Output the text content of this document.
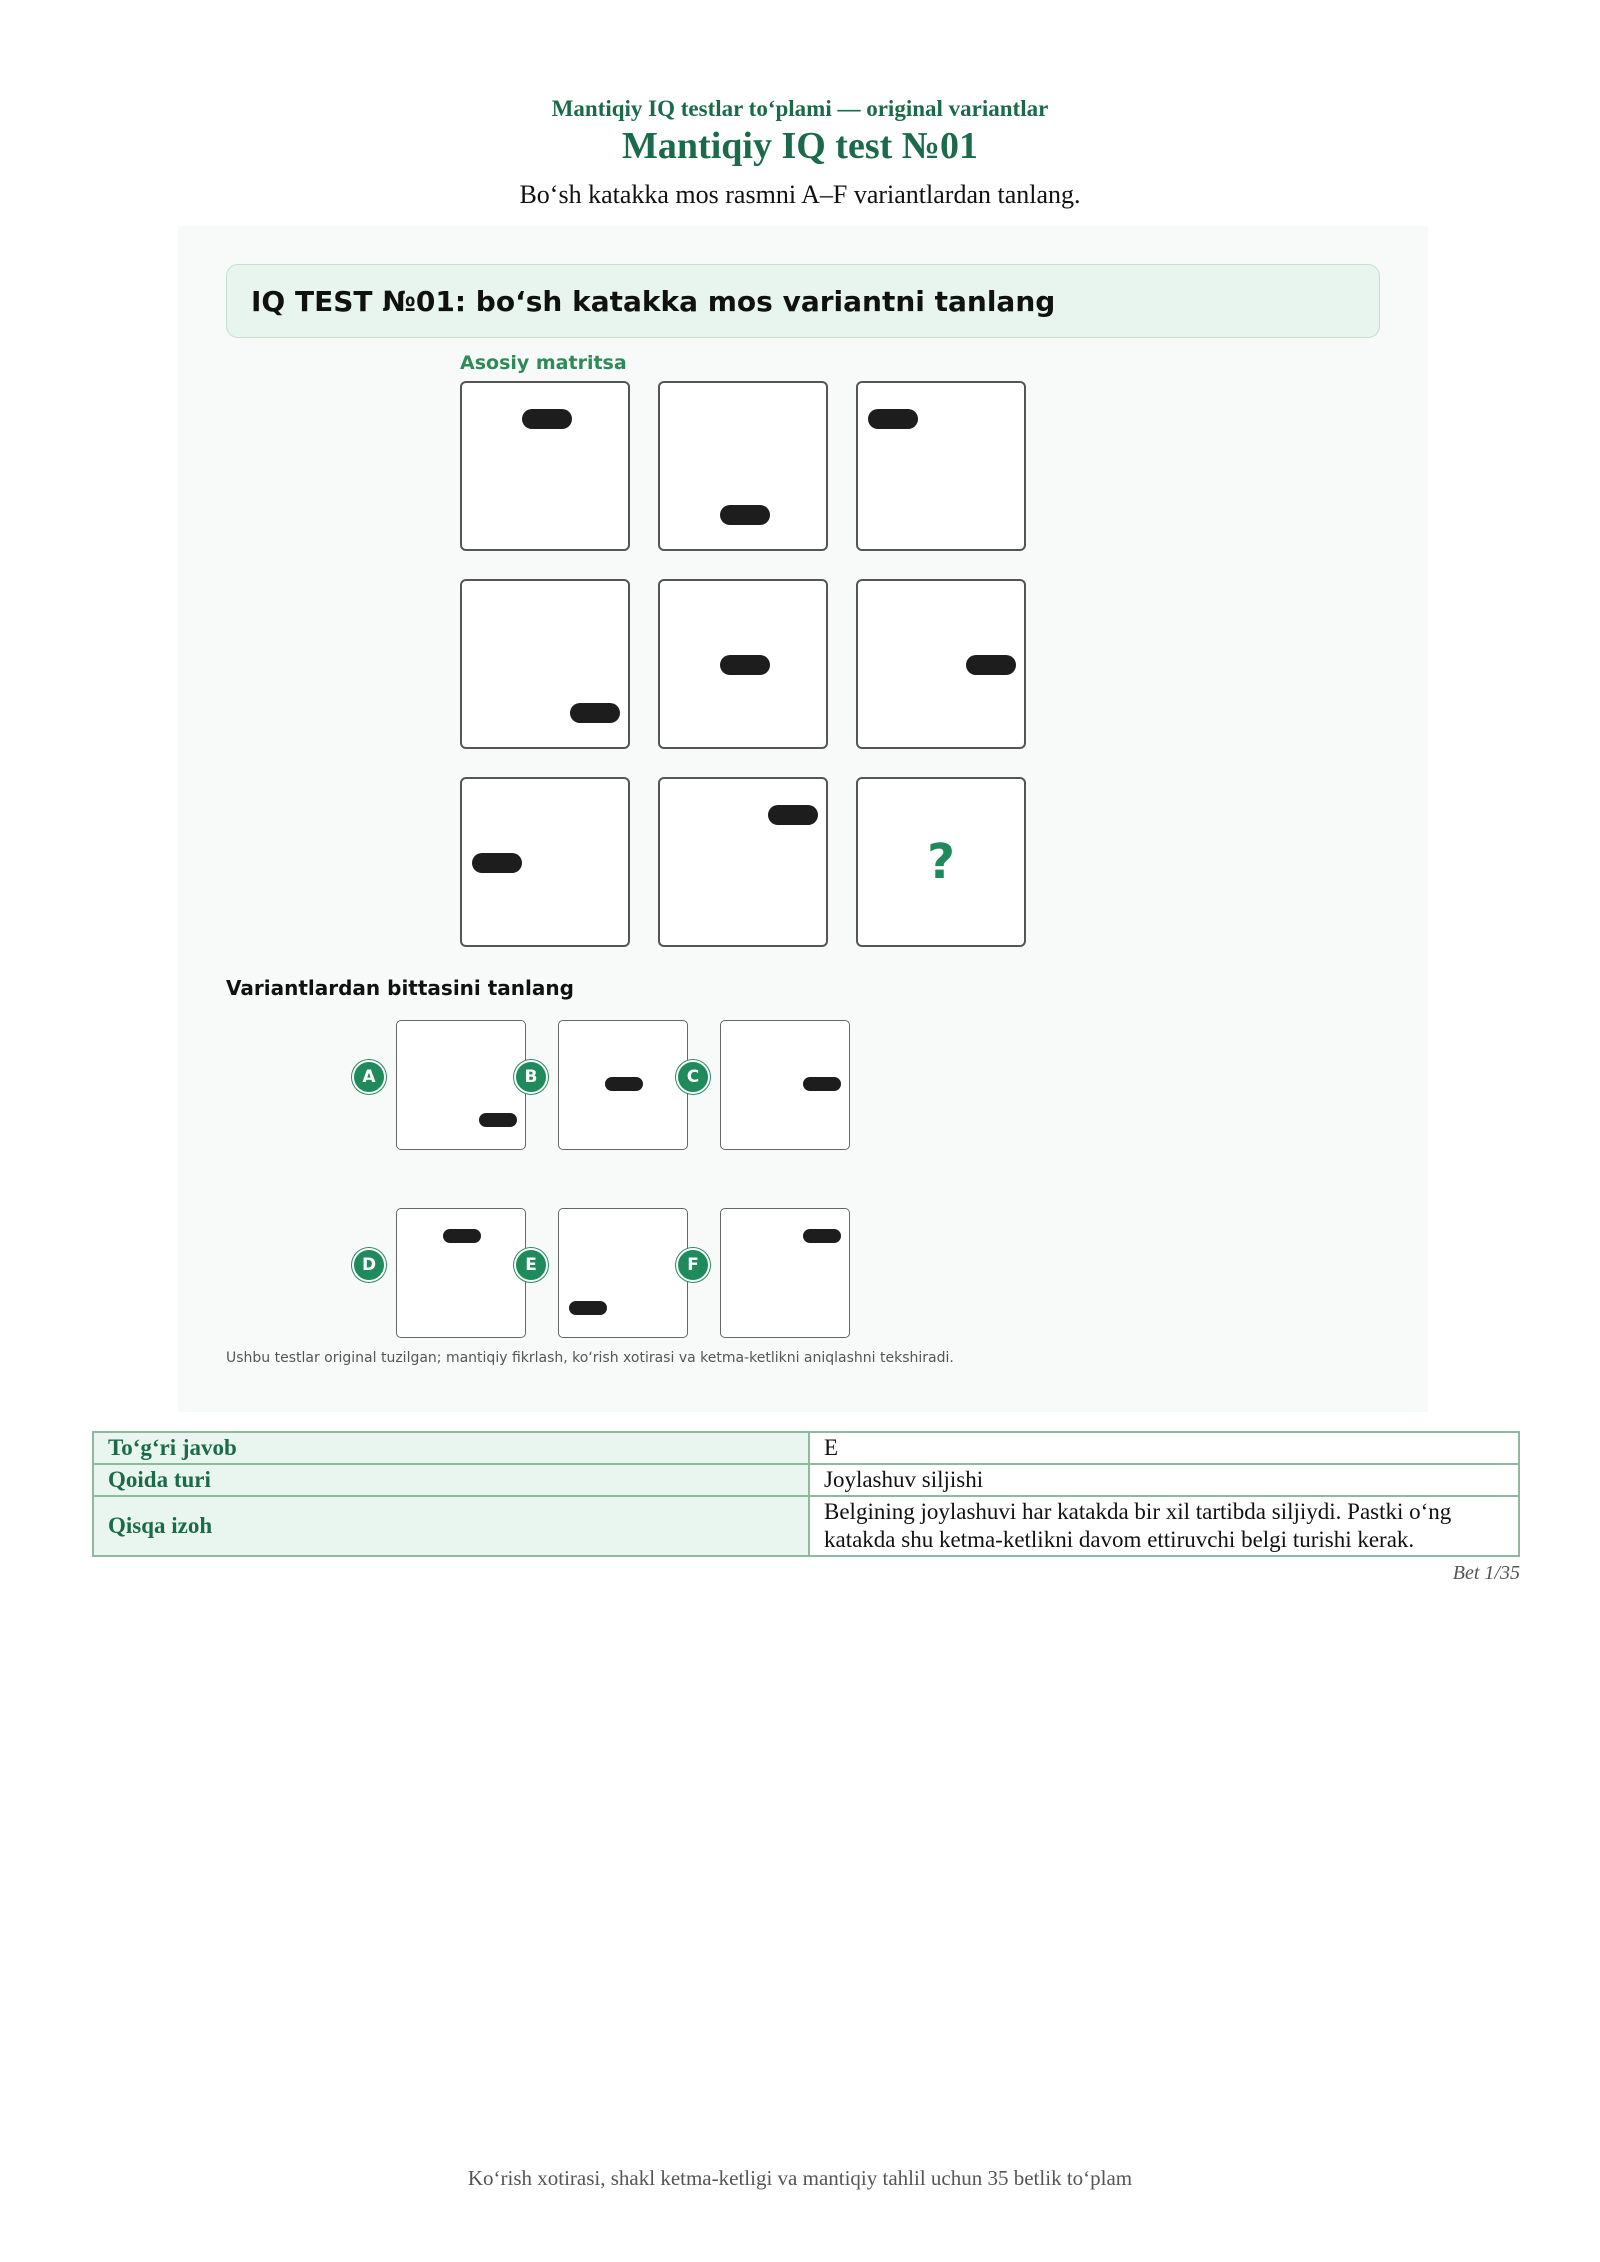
Mantiqiy IQ testlar to‘plami — original variantlar
Mantiqiy IQ test №01
Bo‘sh katakka mos rasmni A–F variantlardan tanlang.
IQ TEST №01: bo‘sh katakka mos variantni tanlang
Asosiy matritsa
?
Variantlardan bittasini tanlang
A	B	C
D	E	F
Ushbu testlar original tuzilgan; mantiqiy fikrlash, ko‘rish xotirasi va ketma-ketlikni aniqlashni tekshiradi.
To‘g‘ri javob	E
Qoida turi	Joylashuv siljishi
Qisqa izoh	Belgining joylashuvi har katakda bir xil tartibda siljiydi. Pastki o‘ng katakda shu ketma-ketlikni davom ettiruvchi belgi turishi kerak.
Bet 1/35
Ko‘rish xotirasi, shakl ketma-ketligi va mantiqiy tahlil uchun 35 betlik to‘plam
